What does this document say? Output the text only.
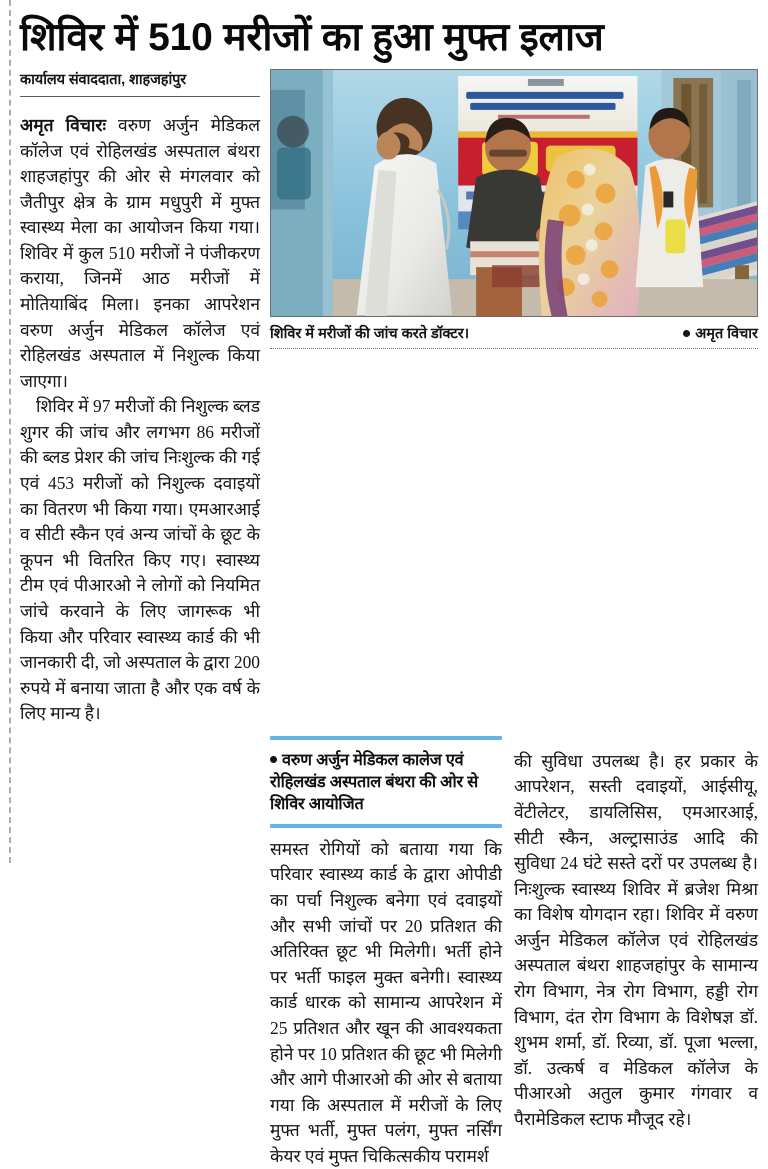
शिविर में 510 मरीजों का हुआ मुफ्त इलाज
कार्यालय संवाददाता, शाहजहांपुर

अमृत विचारः वरुण अर्जुन मेडिकल कॉलेज एवं रोहिलखंड अस्पताल बंथरा शाहजहांपुर की ओर से मंगलवार को जैतीपुर क्षेत्र के ग्राम मधुपुरी में मुफ्त स्वास्थ्य मेला का आयोजन किया गया। शिविर में कुल 510 मरीजों ने पंजीकरण कराया, जिनमें आठ मरीजों में मोतियाबिंद मिला। इनका आपरेशन वरुण अर्जुन मेडिकल कॉलेज एवं रोहिलखंड अस्पताल में निशुल्क किया जाएगा।

शिविर में 97 मरीजों की निशुल्क ब्लड शुगर की जांच और लगभग 86 मरीजों की ब्लड प्रेशर की जांच निःशुल्क की गई एवं 453 मरीजों को निशुल्क दवाइयों का वितरण भी किया गया। एमआरआई व सीटी स्कैन एवं अन्य जांचों के छूट के कूपन भी वितरित किए गए। स्वास्थ्य टीम एवं पीआरओ ने लोगों को नियमित जांचे करवाने के लिए जागरूक भी किया और परिवार स्वास्थ्य कार्ड की भी जानकारी दी, जो अस्पताल के द्वारा 200 रुपये में बनाया जाता है और एक वर्ष के लिए मान्य है।

शिविर में मरीजों की जांच करते डॉक्टर।	अमृत विचार
वरुण अर्जुन मेडिकल कालेज एवं रोहिलखंड अस्पताल बंथरा की ओर से शिविर आयोजित

समस्त रोगियों को बताया गया कि परिवार स्वास्थ्य कार्ड के द्वारा ओपीडी का पर्चा निशुल्क बनेगा एवं दवाइयों और सभी जांचों पर 20 प्रतिशत की अतिरिक्त छूट भी मिलेगी। भर्ती होने पर भर्ती फाइल मुक्त बनेगी। स्वास्थ्य कार्ड धारक को सामान्य आपरेशन में 25 प्रतिशत और खून की आवश्यकता होने पर 10 प्रतिशत की छूट भी मिलेगी और आगे पीआरओ की ओर से बताया गया कि अस्पताल में मरीजों के लिए मुफ्त भर्ती, मुफ्त पलंग, मुफ्त नर्सिंग केयर एवं मुफ्त चिकित्सकीय परामर्श

की सुविधा उपलब्ध है। हर प्रकार के आपरेशन, सस्ती दवाइयों, आईसीयू, वेंटीलेटर, डायलिसिस, एमआरआई, सीटी स्कैन, अल्ट्रासाउंड आदि की सुविधा 24 घंटे सस्ते दरों पर उपलब्ध है। निःशुल्क स्वास्थ्य शिविर में ब्रजेश मिश्रा का विशेष योगदान रहा। शिविर में वरुण अर्जुन मेडिकल कॉलेज एवं रोहिलखंड अस्पताल बंथरा शाहजहांपुर के सामान्य रोग विभाग, नेत्र रोग विभाग, हड्डी रोग विभाग, दंत रोग विभाग के विशेषज्ञ डॉ. शुभम शर्मा, डॉ. रिव्या, डॉ. पूजा भल्ला, डॉ. उत्कर्ष व मेडिकल कॉलेज के पीआरओ अतुल कुमार गंगवार व पैरामेडिकल स्टाफ मौजूद रहे।
